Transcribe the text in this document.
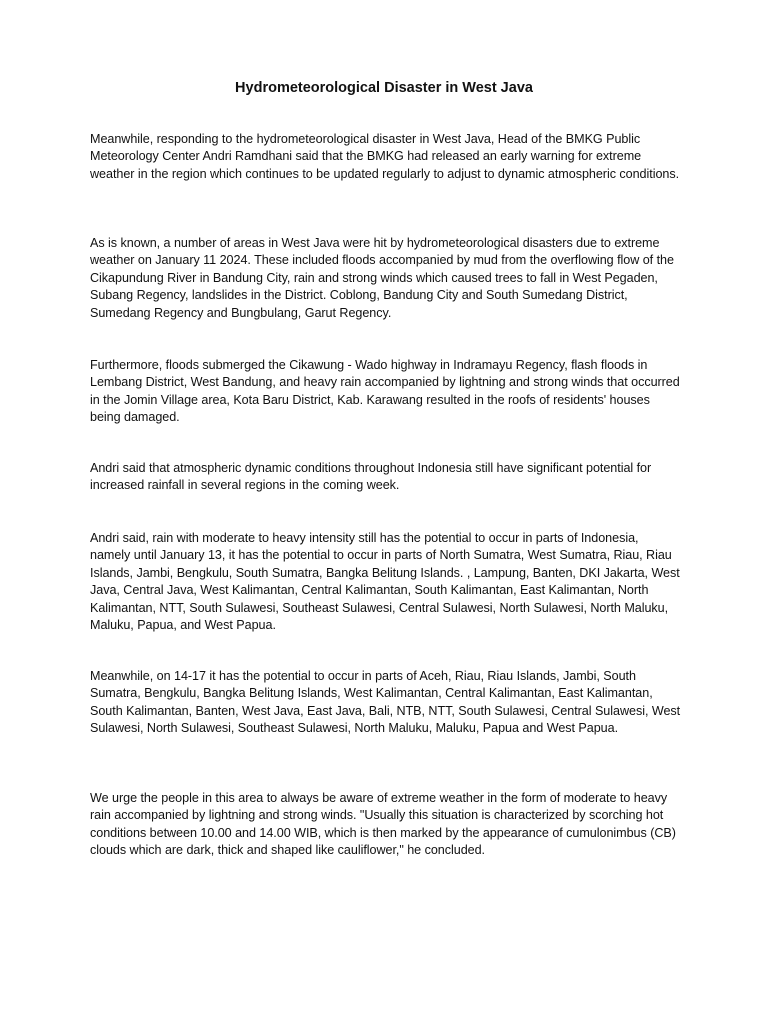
Hydrometeorological Disaster in West Java

Meanwhile, responding to the hydrometeorological disaster in West Java, Head of the BMKG Public Meteorology Center Andri Ramdhani said that the BMKG had released an early warning for extreme weather in the region which continues to be updated regularly to adjust to dynamic atmospheric conditions.

As is known, a number of areas in West Java were hit by hydrometeorological disasters due to extreme weather on January 11 2024. These included floods accompanied by mud from the overflowing flow of the Cikapundung River in Bandung City, rain and strong winds which caused trees to fall in West Pegaden, Subang Regency, landslides in the District. Coblong, Bandung City and South Sumedang District, Sumedang Regency and Bungbulang, Garut Regency.

Furthermore, floods submerged the Cikawung - Wado highway in Indramayu Regency, flash floods in Lembang District, West Bandung, and heavy rain accompanied by lightning and strong winds that occurred in the Jomin Village area, Kota Baru District, Kab. Karawang resulted in the roofs of residents' houses being damaged.

Andri said that atmospheric dynamic conditions throughout Indonesia still have significant potential for increased rainfall in several regions in the coming week.

Andri said, rain with moderate to heavy intensity still has the potential to occur in parts of Indonesia, namely until January 13, it has the potential to occur in parts of North Sumatra, West Sumatra, Riau, Riau Islands, Jambi, Bengkulu, South Sumatra, Bangka Belitung Islands. , Lampung, Banten, DKI Jakarta, West Java, Central Java, West Kalimantan, Central Kalimantan, South Kalimantan, East Kalimantan, North Kalimantan, NTT, South Sulawesi, Southeast Sulawesi, Central Sulawesi, North Sulawesi, North Maluku, Maluku, Papua, and West Papua.

Meanwhile, on 14-17 it has the potential to occur in parts of Aceh, Riau, Riau Islands, Jambi, South Sumatra, Bengkulu, Bangka Belitung Islands, West Kalimantan, Central Kalimantan, East Kalimantan, South Kalimantan, Banten, West Java, East Java, Bali, NTB, NTT, South Sulawesi, Central Sulawesi, West Sulawesi, North Sulawesi, Southeast Sulawesi, North Maluku, Maluku, Papua and West Papua.

We urge the people in this area to always be aware of extreme weather in the form of moderate to heavy rain accompanied by lightning and strong winds. "Usually this situation is characterized by scorching hot conditions between 10.00 and 14.00 WIB, which is then marked by the appearance of cumulonimbus (CB) clouds which are dark, thick and shaped like cauliflower," he concluded.
